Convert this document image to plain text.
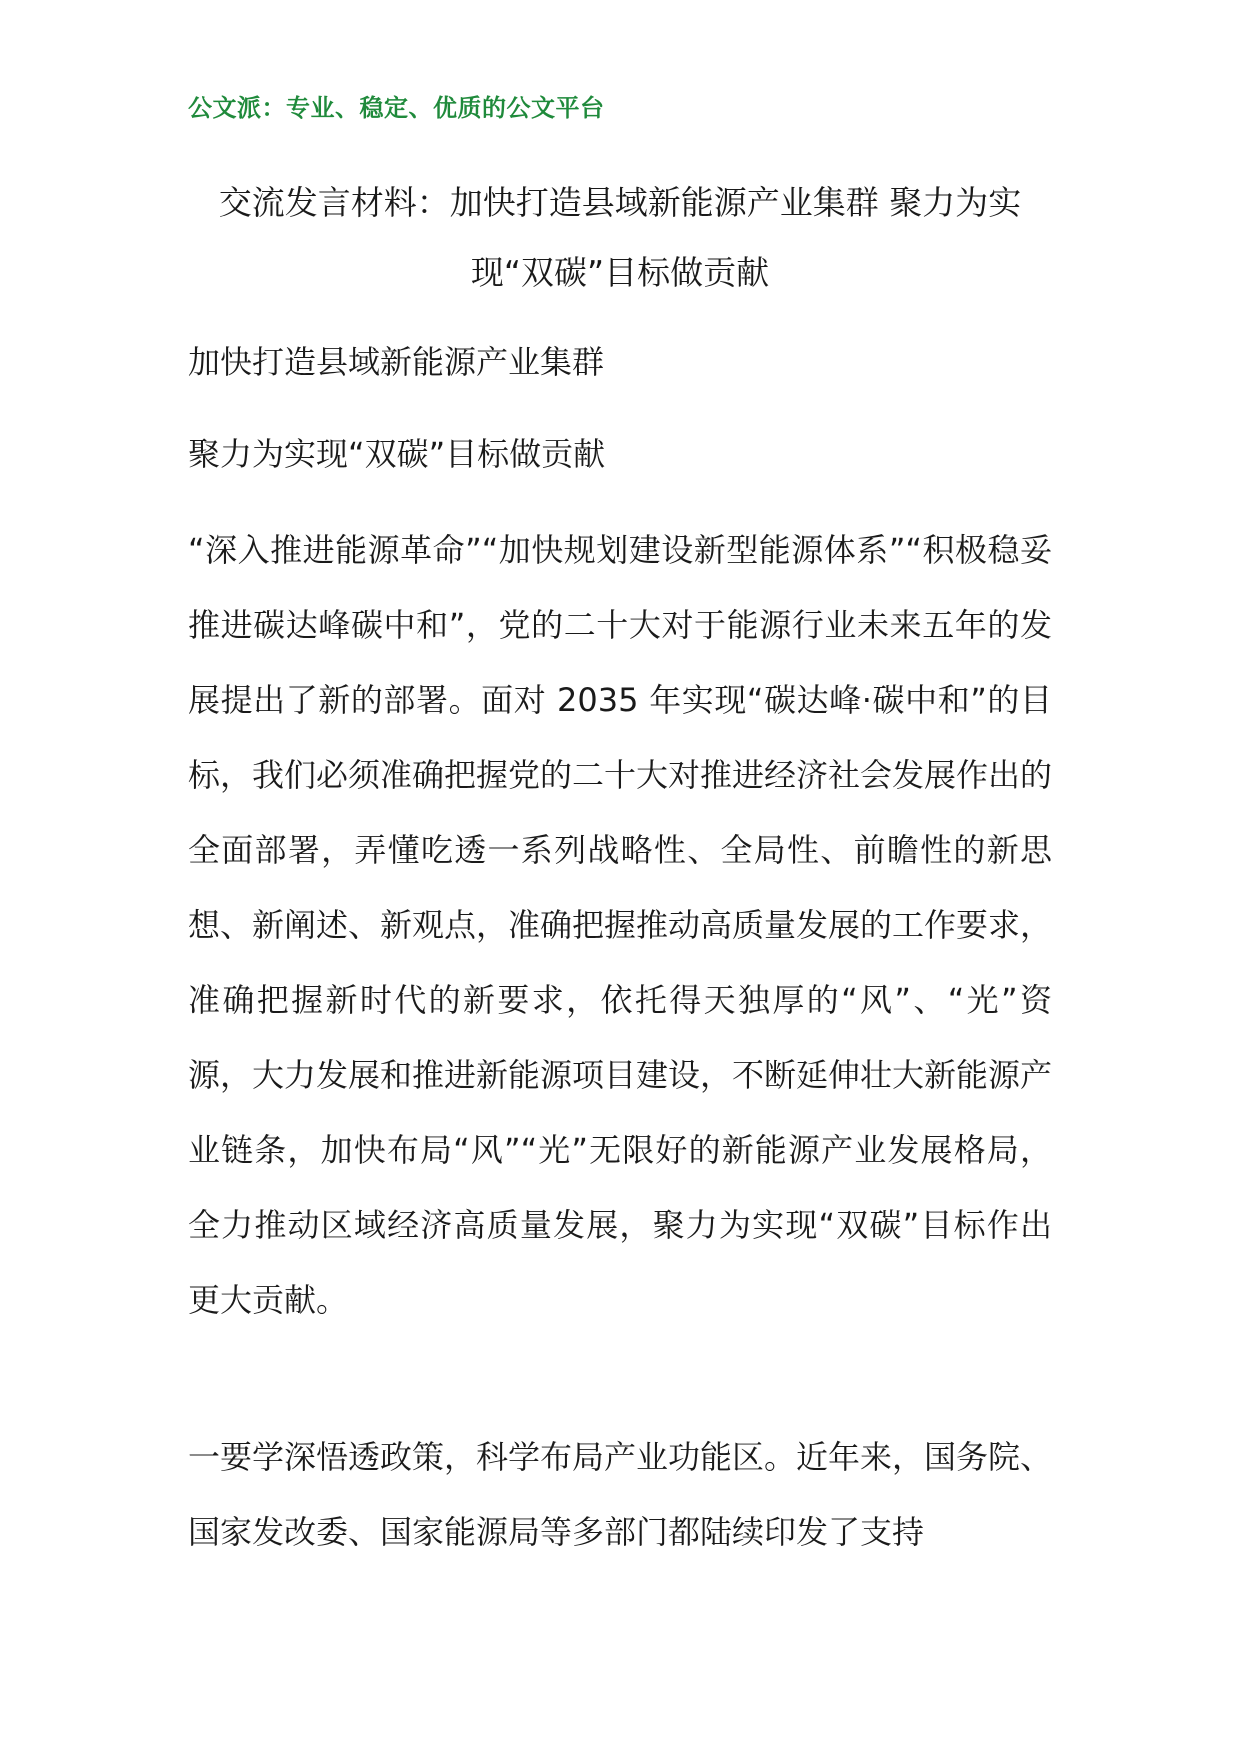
公文派：专业、稳定、优质的公文平台
交流发言材料：加快打造县域新能源产业集群 聚力为实现“双碳”目标做贡献
加快打造县域新能源产业集群
聚力为实现“双碳”目标做贡献
“深入推进能源革命”“加快规划建设新型能源体系”“积极稳妥推进碳达峰碳中和”，党的二十大对于能源行业未来五年的发展提出了新的部署。面对 2035 年实现“碳达峰·碳中和”的目标，我们必须准确把握党的二十大对推进经济社会发展作出的全面部署，弄懂吃透一系列战略性、全局性、前瞻性的新思想、新阐述、新观点，准确把握推动高质量发展的工作要求，准确把握新时代的新要求，依托得天独厚的“风”、“光”资源，大力发展和推进新能源项目建设，不断延伸壮大新能源产业链条，加快布局“风”“光”无限好的新能源产业发展格局，全力推动区域经济高质量发展，聚力为实现“双碳”目标作出更大贡献。
一要学深悟透政策，科学布局产业功能区。近年来，国务院、国家发改委、国家能源局等多部门都陆续印发了支持
